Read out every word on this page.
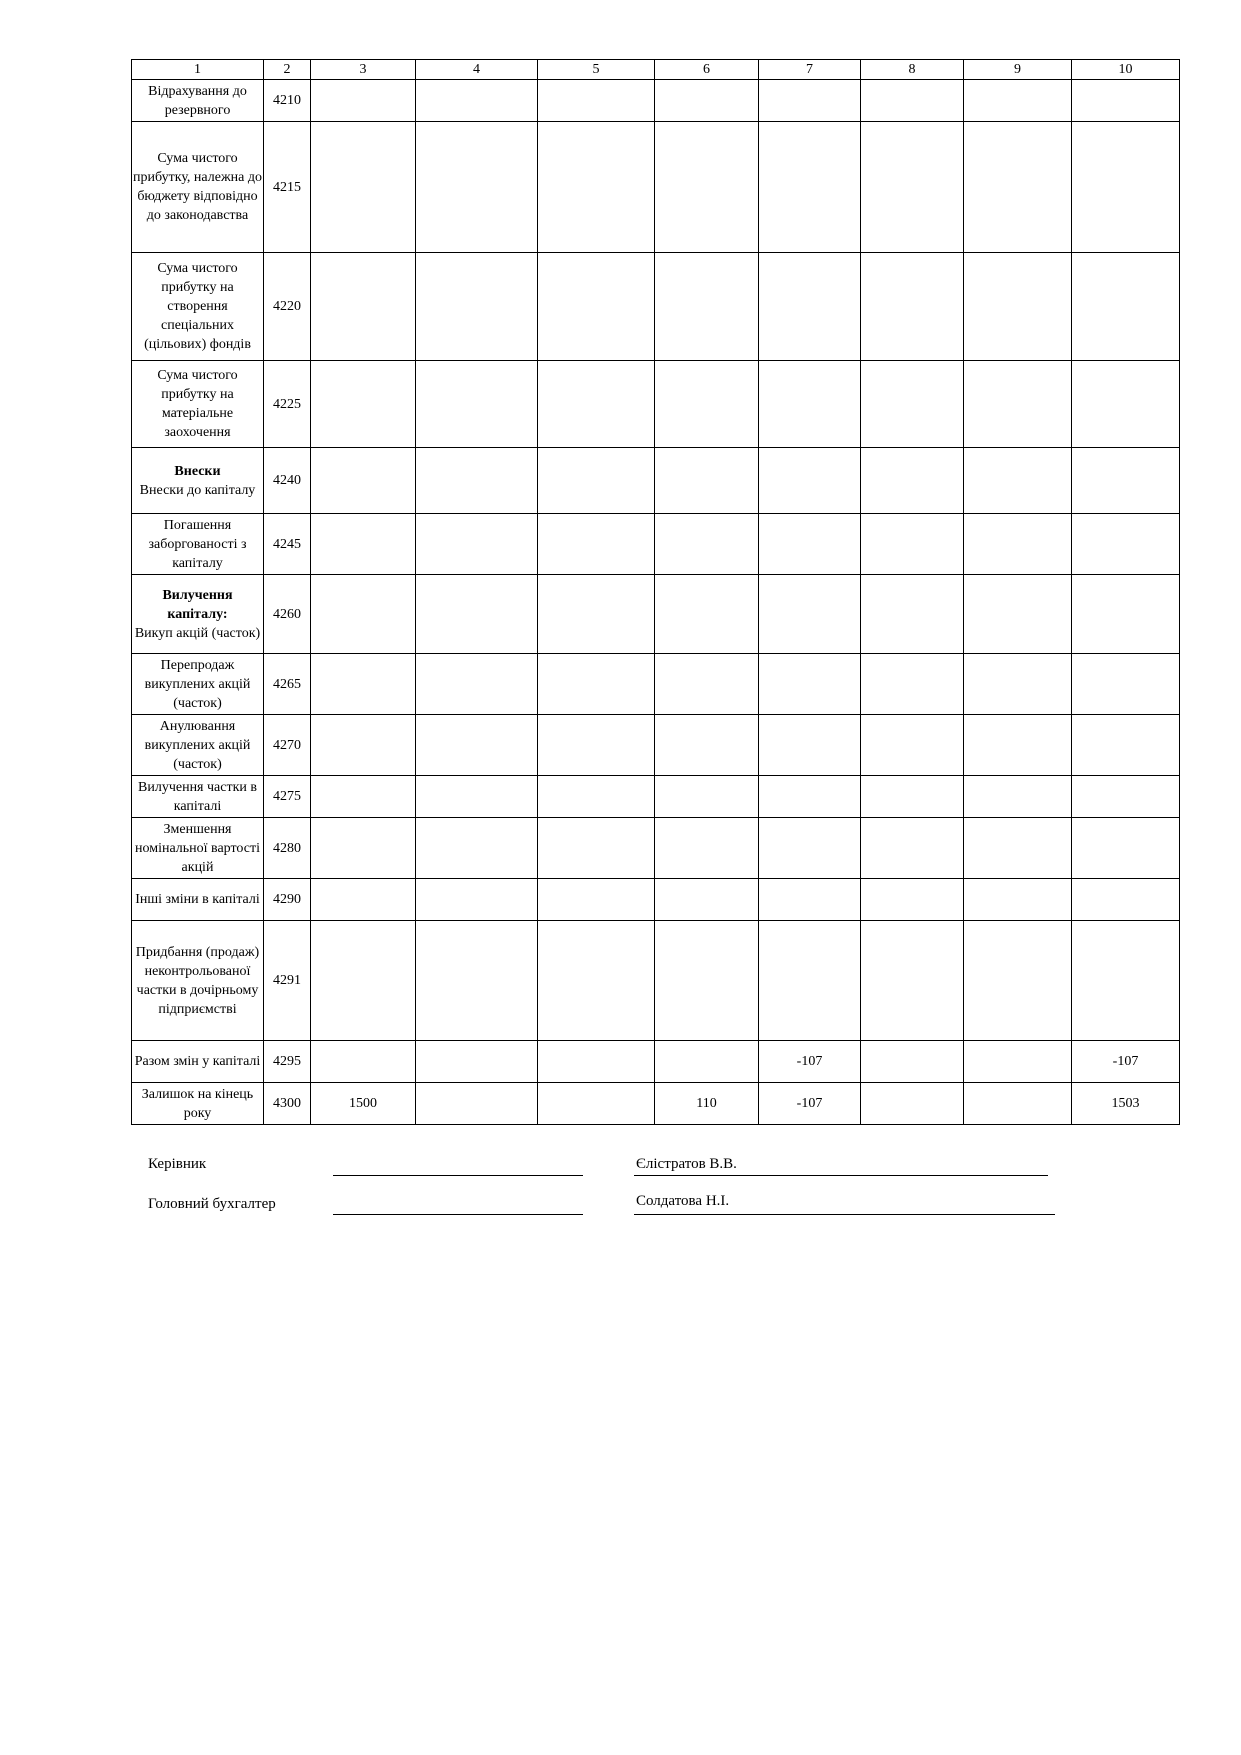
1	2	3	4	5	6	7	8	9	10
Відрахування до резервного	4210								
Сума чистого прибутку, належна до бюджету відповідно до законодавства	4215								
Сума чистого прибутку на створення спеціальних (цільових) фондів	4220								
Сума чистого прибутку на матеріальне заохочення	4225								

Внески
Внески до капіталу	4240								
Погашення заборгованості з капіталу	4245								

Вилучення капіталу:
Викуп акцій (часток)	4260								
Перепродаж викуплених акцій (часток)	4265								
Анулювання викуплених акцій (часток)	4270								
Вилучення частки в капіталі	4275								
Зменшення номінальної вартості акцій	4280								
Інші зміни в капіталі	4290								
Придбання (продаж) неконтрольованої частки в дочірньому підприємстві	4291								
Разом змін у капіталі	4295					-107			-107
Залишок на кінець року	4300	1500			110	-107			1503
Керівник	Єлістратов В.В.
Головний бухгалтер	Солдатова Н.І.
